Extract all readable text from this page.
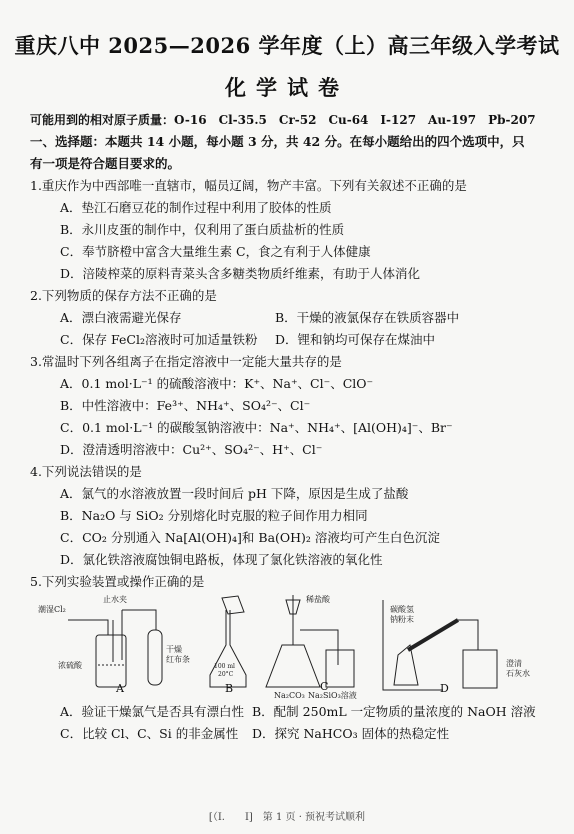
重庆八中 2025—2026 学年度（上）高三年级入学考试
化学试卷
可能用到的相对原子质量：O-16　Cl-35.5　Cr-52　Cu-64　I-127　Au-197　Pb-207
一、选择题：本题共 14 小题，每小题 3 分，共 42 分。在每小题给出的四个选项中，只
有一项是符合题目要求的。
1.重庆作为中西部唯一直辖市，幅员辽阔，物产丰富。下列有关叙述不正确的是
A．垫江石磨豆花的制作过程中利用了胶体的性质
B．永川皮蛋的制作中，仅利用了蛋白质盐析的性质
C．奉节脐橙中富含大量维生素 C，食之有利于人体健康
D．涪陵榨菜的原料青菜头含多糖类物质纤维素，有助于人体消化
2.下列物质的保存方法不正确的是
A．漂白液需避光保存	B．干燥的液氯保存在铁质容器中
C．保存 FeCl₂溶液时可加适量铁粉 D．锂和钠均可保存在煤油中
3.常温时下列各组离子在指定溶液中一定能大量共存的是
A．0.1 mol·L⁻¹ 的硫酸溶液中：K⁺、Na⁺、Cl⁻、ClO⁻
B．中性溶液中：Fe³⁺、NH₄⁺、SO₄²⁻、Cl⁻
C．0.1 mol·L⁻¹ 的碳酸氢钠溶液中：Na⁺、NH₄⁺、[Al(OH)₄]⁻、Br⁻
D．澄清透明溶液中：Cu²⁺、SO₄²⁻、H⁺、Cl⁻
4.下列说法错误的是
A．氯气的水溶液放置一段时间后 pH 下降，原因是生成了盐酸
B．Na₂O 与 SiO₂ 分别熔化时克服的粒子间作用力相同
C．CO₂ 分别通入 Na[Al(OH)₄]和 Ba(OH)₂ 溶液均可产生白色沉淀
D．氯化铁溶液腐蚀铜电路板，体现了氯化铁溶液的氧化性
5.下列实验装置或操作正确的是
潮湿Cl₂
止水夹
浓硫酸
干燥
红布条
100 ml
20°C
稀盐酸
Na₂CO₃ Na₂SiO₃溶液
碳酸氢
钠粉末
澄清
石灰水
A	B	C	D
A．验证干燥氯气是否具有漂白性 B．配制 250mL 一定物质的量浓度的 NaOH 溶液
C．比较 Cl、C、Si 的非金属性 D．探究 NaHCO₃ 固体的热稳定性
[（I.　　I]　第 1 页 · 预祝考试顺利
